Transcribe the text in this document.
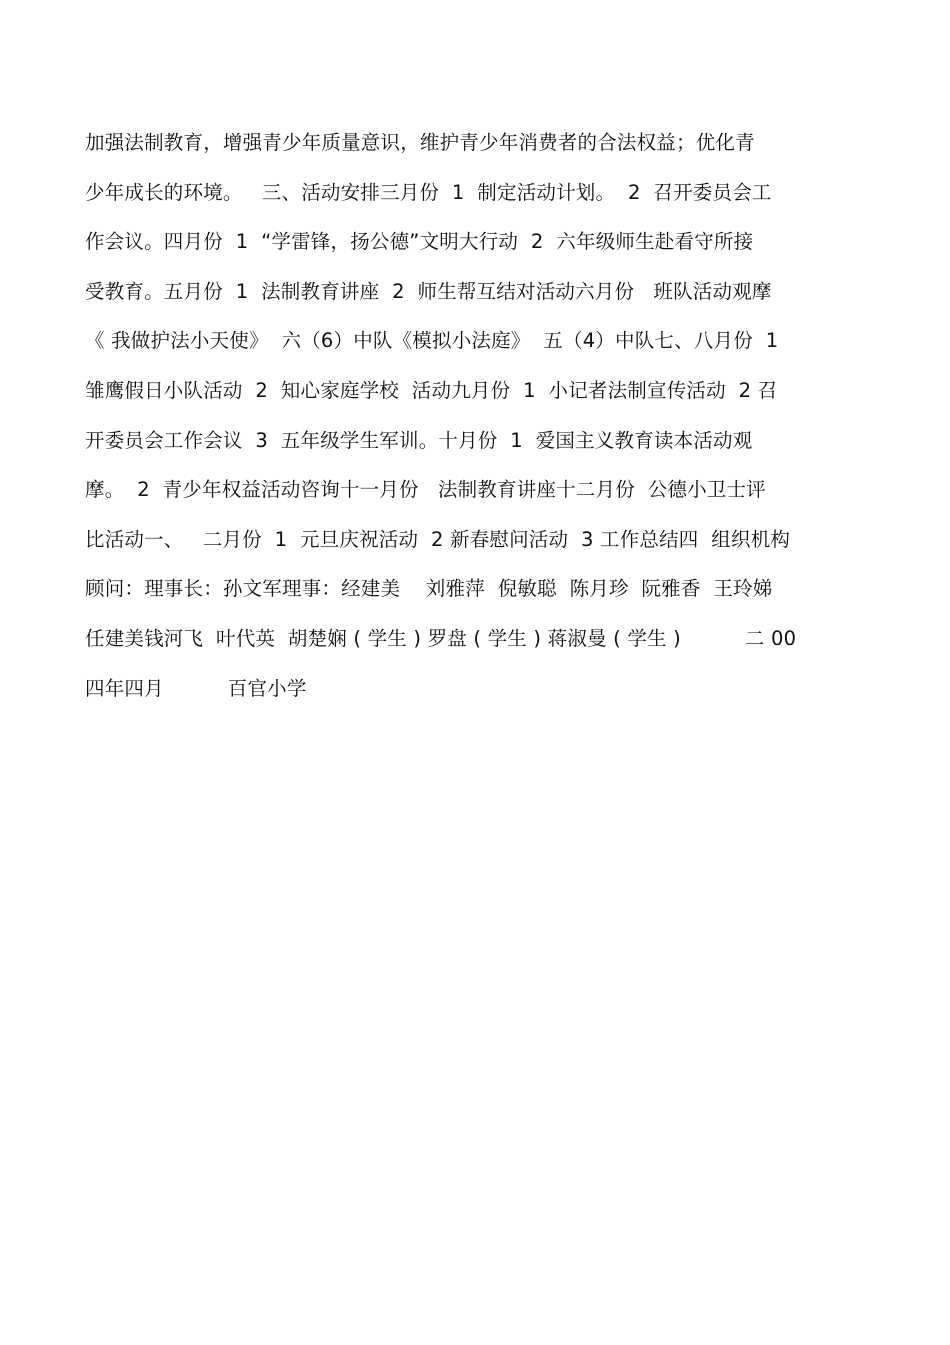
加强法制教育，增强青少年质量意识，维护青少年消费者的合法权益；优化青
少年成长的环境。   三、活动安排三月份  1  制定活动计划。  2  召开委员会工
作会议。四月份  1  “学雷锋，扬公德”文明大行动  2  六年级师生赴看守所接
受教育。五月份  1  法制教育讲座  2  师生帮互结对活动六月份   班队活动观摩
《 我做护法小天使》  六（6）中队《模拟小法庭》  五（4）中队七、八月份  1
雏鹰假日小队活动  2  知心家庭学校  活动九月份  1  小记者法制宣传活动  2 召
开委员会工作会议  3  五年级学生军训。十月份  1  爱国主义教育读本活动观
摩。  2  青少年权益活动咨询十一月份   法制教育讲座十二月份  公德小卫士评
比活动一、   二月份  1  元旦庆祝活动  2 新春慰问活动  3 工作总结四  组织机构
顾问：理事长：孙文军理事：经建美    刘雅萍  倪敏聪  陈月珍  阮雅香  王玲娣
任建美钱河飞  叶代英  胡楚娴 ( 学生 ) 罗盘 ( 学生 ) 蒋淑曼 ( 学生 )          二 00
四年四月          百官小学
